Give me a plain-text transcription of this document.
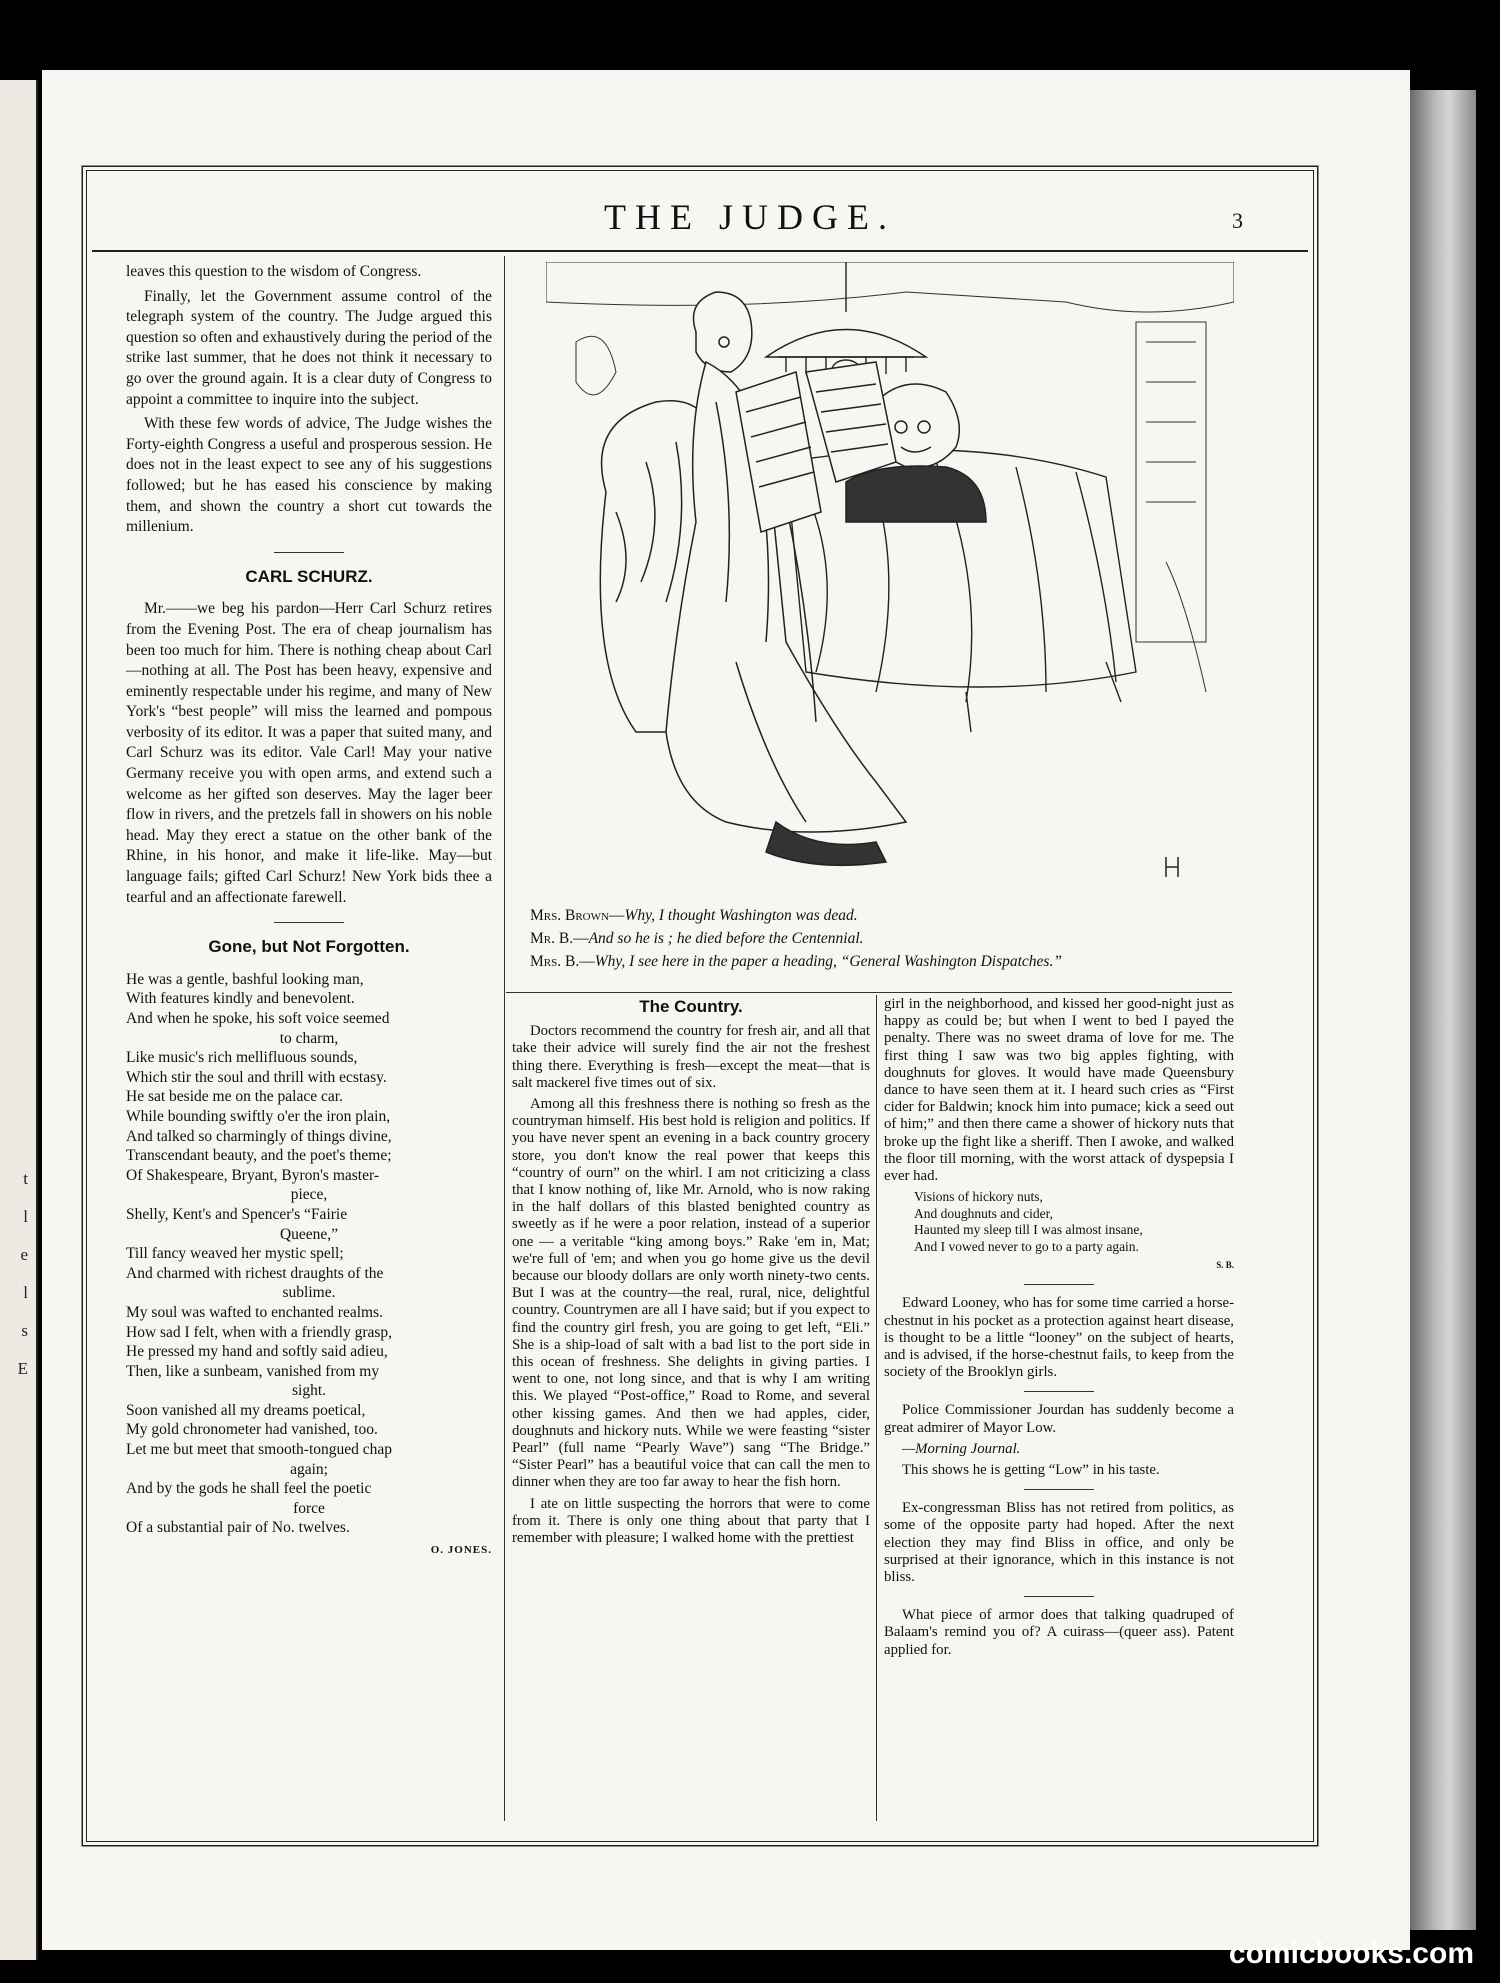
t
l
e
l
s
E
THE JUDGE.	3

leaves this question to the wisdom of Congress.

Finally, let the Government assume control of the telegraph system of the country. The Judge argued this question so often and exhaustively during the period of the strike last summer, that he does not think it necessary to go over the ground again. It is a clear duty of Congress to appoint a committee to inquire into the subject.

With these few words of advice, The Judge wishes the Forty-eighth Congress a useful and prosperous session. He does not in the least expect to see any of his suggestions followed; but he has eased his conscience by making them, and shown the country a short cut towards the millenium.

CARL SCHURZ.

Mr.——we beg his pardon—Herr Carl Schurz retires from the Evening Post. The era of cheap journalism has been too much for him. There is nothing cheap about Carl—nothing at all. The Post has been heavy, expensive and eminently respectable under his regime, and many of New York's “best people” will miss the learned and pompous verbosity of its editor. It was a paper that suited many, and Carl Schurz was its editor. Vale Carl! May your native Germany receive you with open arms, and extend such a welcome as her gifted son deserves. May the lager beer flow in rivers, and the pretzels fall in showers on his noble head. May they erect a statue on the other bank of the Rhine, in his honor, and make it life-like. May—but language fails; gifted Carl Schurz! New York bids thee a tearful and an affectionate farewell.

Gone, but Not Forgotten.
He was a gentle, bashful looking man,
With features kindly and benevolent.
And when he spoke, his soft voice seemed
to charm,
Like music's rich mellifluous sounds,
Which stir the soul and thrill with ecstasy.
He sat beside me on the palace car.
While bounding swiftly o'er the iron plain,
And talked so charmingly of things divine,
Transcendant beauty, and the poet's theme;
Of Shakespeare, Bryant, Byron's master-
piece,
Shelly, Kent's and Spencer's “Fairie
Queene,”
Till fancy weaved her mystic spell;
And charmed with richest draughts of the
sublime.
My soul was wafted to enchanted realms.
How sad I felt, when with a friendly grasp,
He pressed my hand and softly said adieu,
Then, like a sunbeam, vanished from my
sight.
Soon vanished all my dreams poetical,
My gold chronometer had vanished, too.
Let me but meet that smooth-tongued chap
again;
And by the gods he shall feel the poetic
force
Of a substantial pair of No. twelves.
O. JONES.
Mrs. Brown—Why, I thought Washington was dead.
Mr. B.—And so he is ; he died before the Centennial.
Mrs. B.—Why, I see here in the paper a heading, “General Washington Dispatches.”
The Country.

Doctors recommend the country for fresh air, and all that take their advice will surely find the air not the freshest thing there. Everything is fresh—except the meat—that is salt mackerel five times out of six.

Among all this freshness there is nothing so fresh as the countryman himself. His best hold is religion and politics. If you have never spent an evening in a back country grocery store, you don't know the real power that keeps this “country of ourn” on the whirl. I am not criticizing a class that I know nothing of, like Mr. Arnold, who is now raking in the half dollars of this blasted benighted country as sweetly as if he were a poor relation, instead of a superior one — a veritable “king among boys.” Rake 'em in, Mat; we're full of 'em; and when you go home give us the devil because our bloody dollars are only worth ninety-two cents. But I was at the country—the real, rural, nice, delightful country. Countrymen are all I have said; but if you expect to find the country girl fresh, you are going to get left, “Eli.” She is a ship-load of salt with a bad list to the port side in this ocean of freshness. She delights in giving parties. I went to one, not long since, and that is why I am writing this. We played “Post-office,” Road to Rome, and several other kissing games. And then we had apples, cider, doughnuts and hickory nuts. While we were feasting “sister Pearl” (full name “Pearly Wave”) sang “The Bridge.” “Sister Pearl” has a beautiful voice that can call the men to dinner when they are too far away to hear the fish horn.

I ate on little suspecting the horrors that were to come from it. There is only one thing about that party that I remember with pleasure; I walked home with the prettiest

girl in the neighborhood, and kissed her good-night just as happy as could be; but when I went to bed I payed the penalty. There was no sweet drama of love for me. The first thing I saw was two big apples fighting, with doughnuts for gloves. It would have made Queensbury dance to have seen them at it. I heard such cries as “First cider for Baldwin; knock him into pumace; kick a seed out of him;” and then there came a shower of hickory nuts that broke up the fight like a sheriff. Then I awoke, and walked the floor till morning, with the worst attack of dyspepsia I ever had.

Visions of hickory nuts,
And doughnuts and cider,
Haunted my sleep till I was almost insane,
And I vowed never to go to a party again.
S. B.

Edward Looney, who has for some time carried a horse-chestnut in his pocket as a protection against heart disease, is thought to be a little “looney” on the subject of hearts, and is advised, if the horse-chestnut fails, to keep from the society of the Brooklyn girls.

Police Commissioner Jourdan has suddenly become a great admirer of Mayor Low.

—Morning Journal.

This shows he is getting “Low” in his taste.

Ex-congressman Bliss has not retired from politics, as some of the opposite party had hoped. After the next election they may find Bliss in office, and only be surprised at their ignorance, which in this instance is not bliss.

What piece of armor does that talking quadruped of Balaam's remind you of? A cuirass—(queer ass). Patent applied for.

comicbooks.com
